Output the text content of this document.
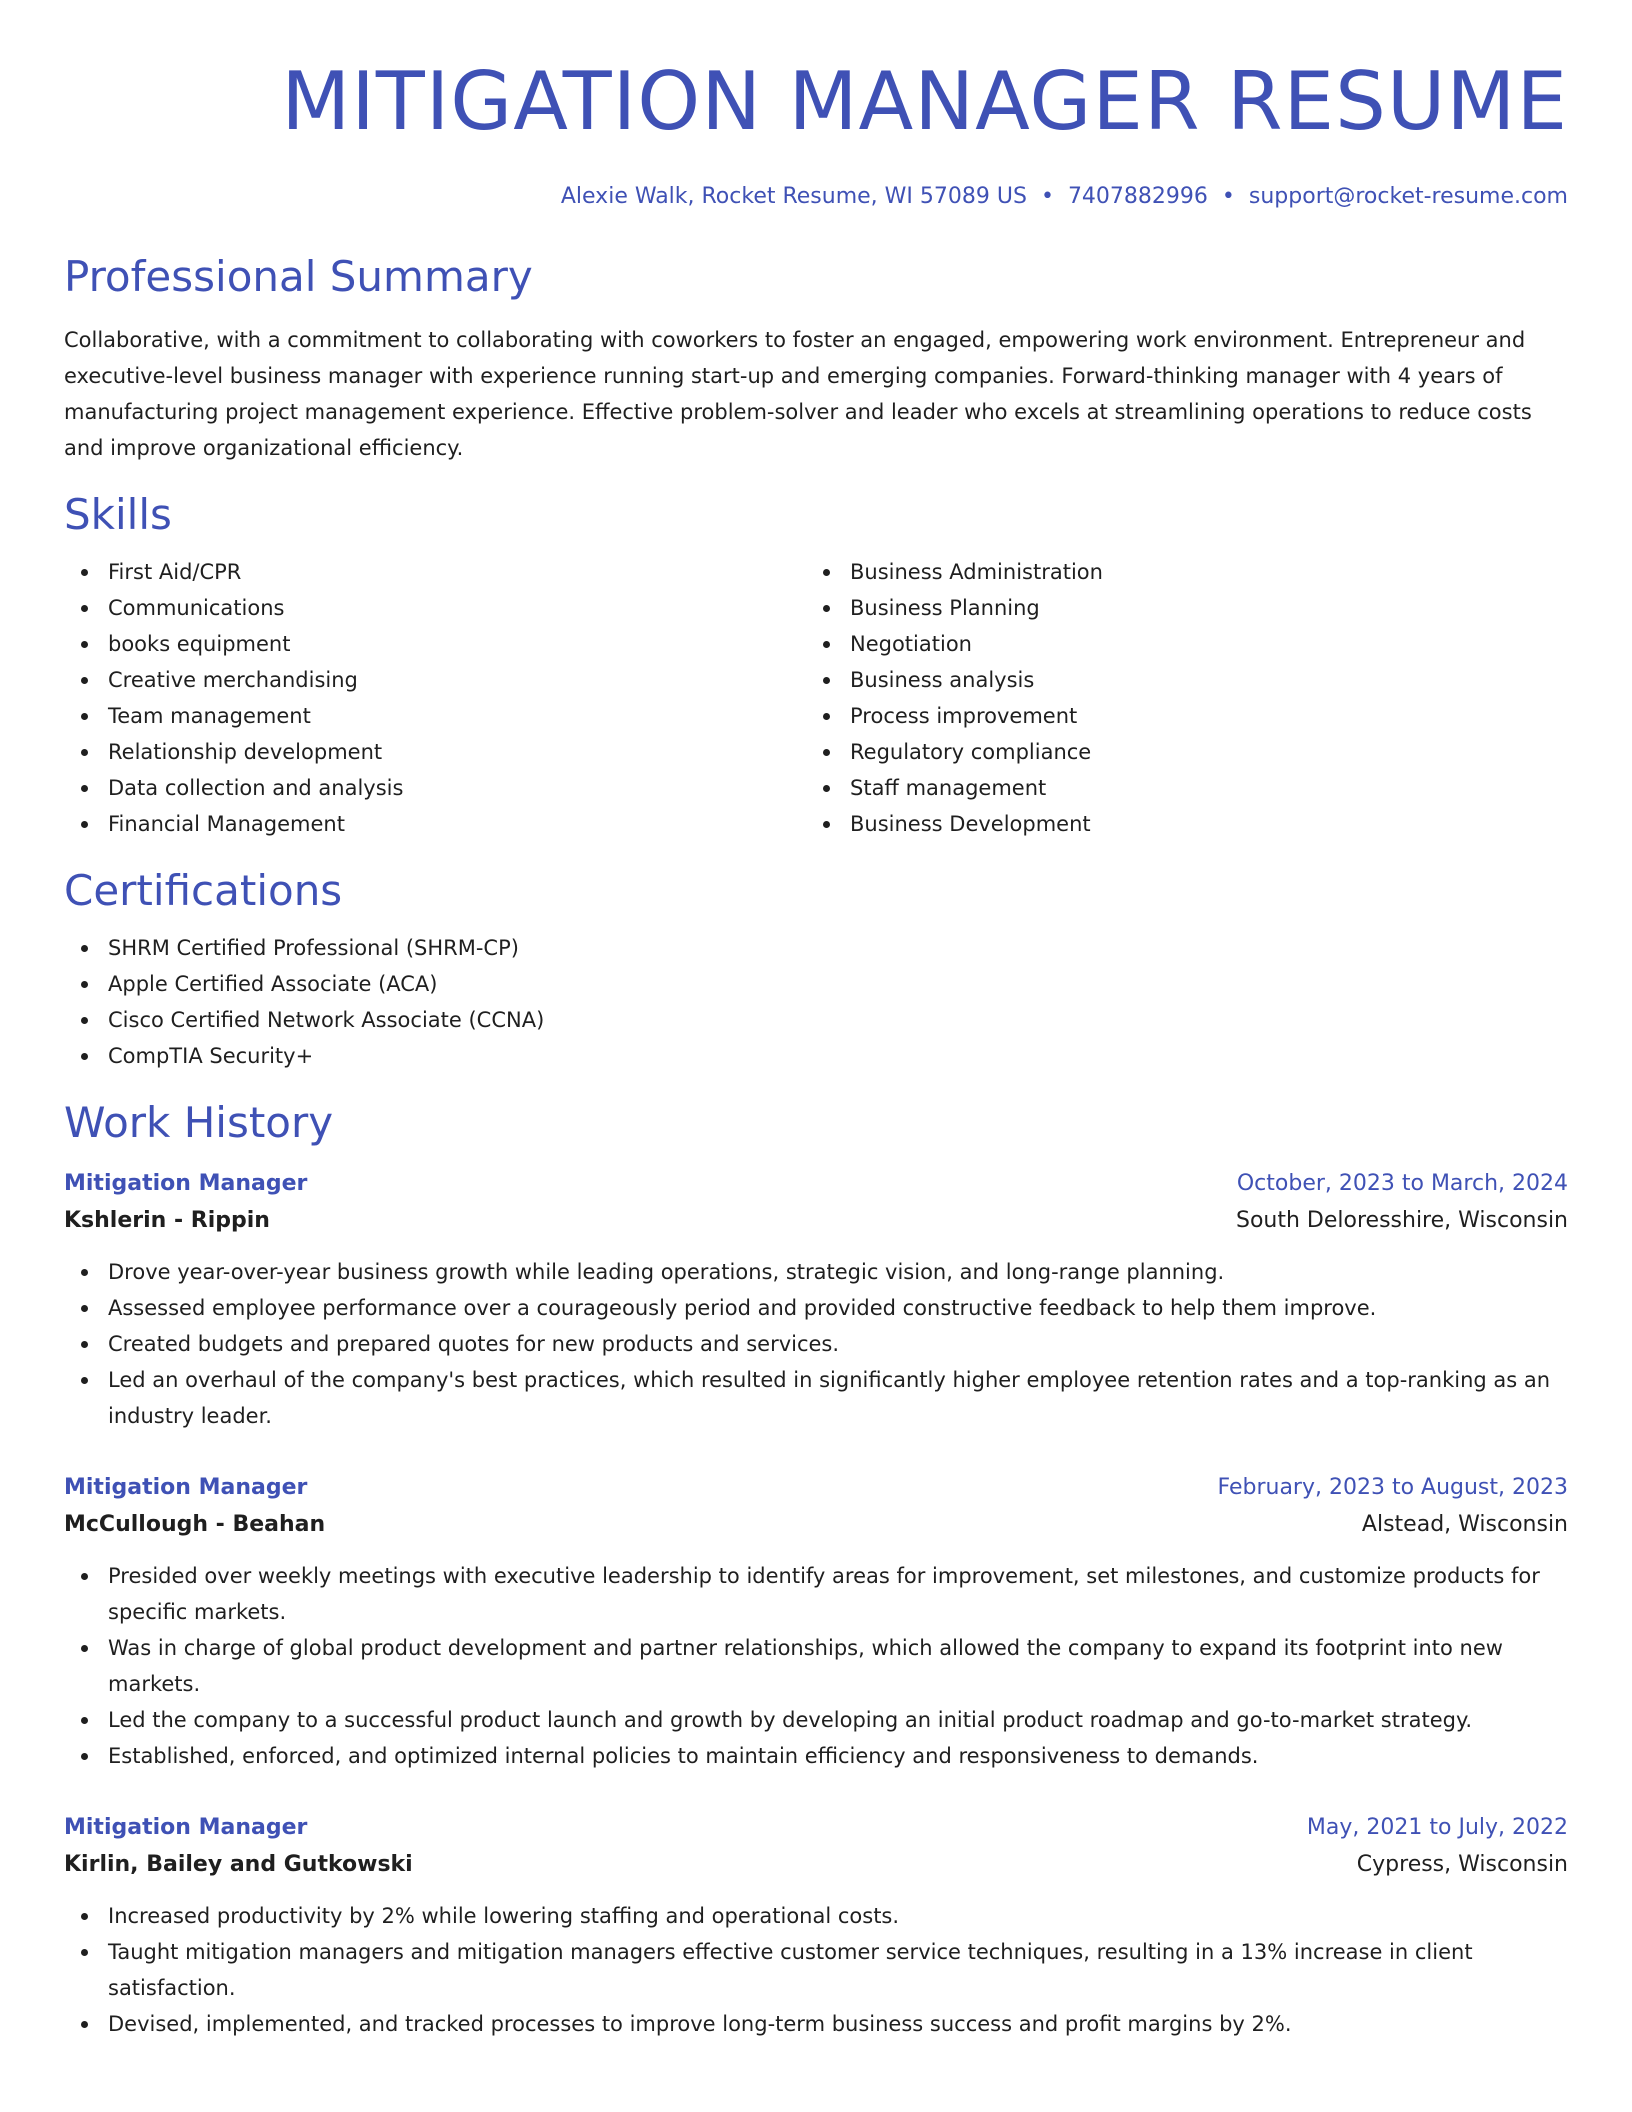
MITIGATION MANAGER RESUME
Alexie Walk, Rocket Resume, WI 57089 US • 7407882996 • support@rocket-resume.com
Professional Summary
Collaborative, with a commitment to collaborating with coworkers to foster an engaged, empowering work environment. Entrepreneur and executive-level business manager with experience running start-up and emerging companies. Forward-thinking manager with 4 years of manufacturing project management experience. Effective problem-solver and leader who excels at streamlining operations to reduce costs and improve organizational efficiency.
Skills
First Aid/CPR
Communications
books equipment
Creative merchandising
Team management
Relationship development
Data collection and analysis
Financial Management
Business Administration
Business Planning
Negotiation
Business analysis
Process improvement
Regulatory compliance
Staff management
Business Development
Certifications
SHRM Certified Professional (SHRM-CP)
Apple Certified Associate (ACA)
Cisco Certified Network Associate (CCNA)
CompTIA Security+
Work History
Mitigation Manager	October, 2023 to March, 2024
Kshlerin - Rippin	South Deloresshire, Wisconsin
Drove year-over-year business growth while leading operations, strategic vision, and long-range planning.
Assessed employee performance over a courageously period and provided constructive feedback to help them improve.
Created budgets and prepared quotes for new products and services.
Led an overhaul of the company's best practices, which resulted in significantly higher employee retention rates and a top-ranking as an industry leader.
Mitigation Manager	February, 2023 to August, 2023
McCullough - Beahan	Alstead, Wisconsin
Presided over weekly meetings with executive leadership to identify areas for improvement, set milestones, and customize products for specific markets.
Was in charge of global product development and partner relationships, which allowed the company to expand its footprint into new markets.
Led the company to a successful product launch and growth by developing an initial product roadmap and go-to-market strategy.
Established, enforced, and optimized internal policies to maintain efficiency and responsiveness to demands.
Mitigation Manager	May, 2021 to July, 2022
Kirlin, Bailey and Gutkowski	Cypress, Wisconsin
Increased productivity by 2% while lowering staffing and operational costs.
Taught mitigation managers and mitigation managers effective customer service techniques, resulting in a 13% increase in client satisfaction.
Devised, implemented, and tracked processes to improve long-term business success and profit margins by 2%.
